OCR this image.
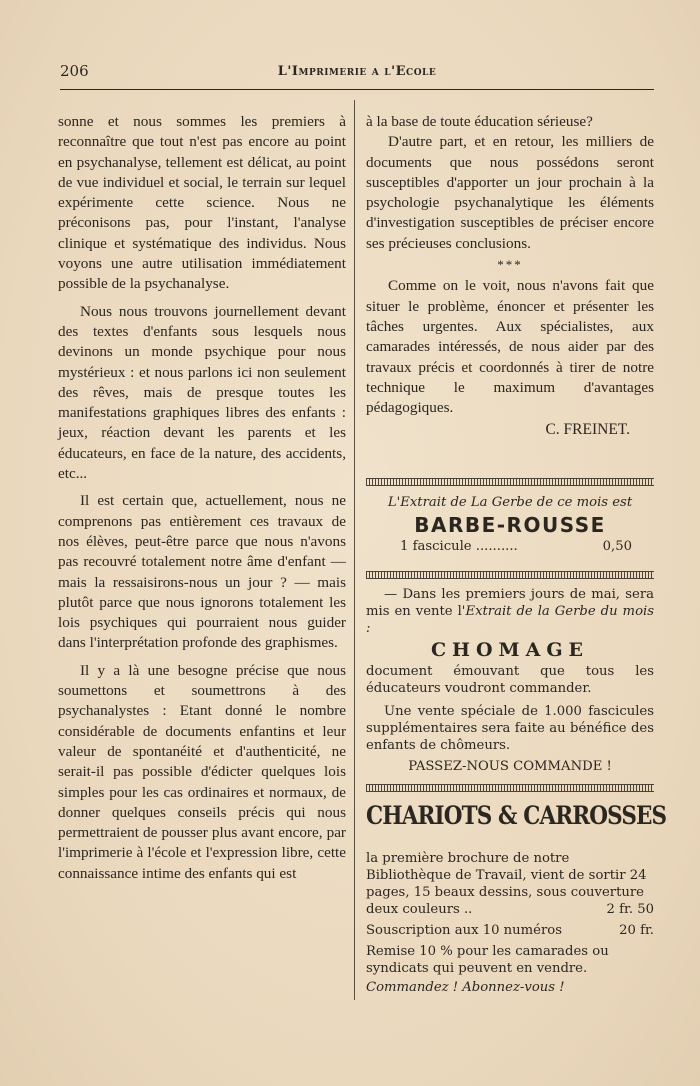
206	L'Imprimerie a l'Ecole

sonne et nous sommes les premiers à reconnaître que tout n'est pas encore au point en psychanalyse, tellement est délicat, au point de vue individuel et social, le terrain sur lequel expérimente cette science. Nous ne préconisons pas, pour l'instant, l'analyse clinique et systématique des individus. Nous voyons une autre utilisation immédiatement possible de la psychanalyse.

Nous nous trouvons journellement devant des textes d'enfants sous lesquels nous devinons un monde psychique pour nous mystérieux : et nous parlons ici non seulement des rêves, mais de presque toutes les manifestations graphiques libres des enfants : jeux, réaction devant les parents et les éducateurs, en face de la nature, des accidents, etc...

Il est certain que, actuellement, nous ne comprenons pas entièrement ces travaux de nos élèves, peut-être parce que nous n'avons pas recouvré totalement notre âme d'enfant — mais la ressaisirons-nous un jour ? — mais plutôt parce que nous ignorons totalement les lois psychiques qui pourraient nous guider dans l'interprétation profonde des graphismes.

Il y a là une besogne précise que nous soumettons et soumettrons à des psychanalystes : Etant donné le nombre considérable de documents enfantins et leur valeur de spontanéité et d'authenticité, ne serait-il pas possible d'édicter quelques lois simples pour les cas ordinaires et normaux, de donner quelques conseils précis qui nous permettraient de pousser plus avant encore, par l'imprimerie à l'école et l'expression libre, cette connaissance intime des enfants qui est

à la base de toute éducation sérieuse?

D'autre part, et en retour, les milliers de documents que nous possédons seront susceptibles d'apporter un jour prochain à la psychologie psychanalytique les éléments d'investigation susceptibles de préciser encore ses précieuses conclusions.

***

Comme on le voit, nous n'avons fait que situer le problème, énoncer et présenter les tâches urgentes. Aux spécialistes, aux camarades intéressés, de nous aider par des travaux précis et coordonnés à tirer de notre technique le maximum d'avantages pédagogiques.

C. FREINET.
L'Extrait de La Gerbe de ce mois est
BARBE-ROUSSE
1 fascicule ..........	0,50
— Dans les premiers jours de mai, sera mis en vente l'Extrait de la Gerbe du mois :
CHOMAGE
document émouvant que tous les éducateurs voudront commander.
Une vente spéciale de 1.000 fascicules supplémentaires sera faite au bénéfice des enfants de chômeurs.
PASSEZ-NOUS COMMANDE !
CHARIOTS & CARROSSES
la première brochure de notre Bibliothèque de Travail, vient de sortir 24 pages, 15 beaux dessins, sous couverture deux couleurs ..	2 fr. 50
Souscription aux 10 numéros	20 fr.
Remise 10 % pour les camarades ou syndicats qui peuvent en vendre.
Commandez ! Abonnez-vous !
